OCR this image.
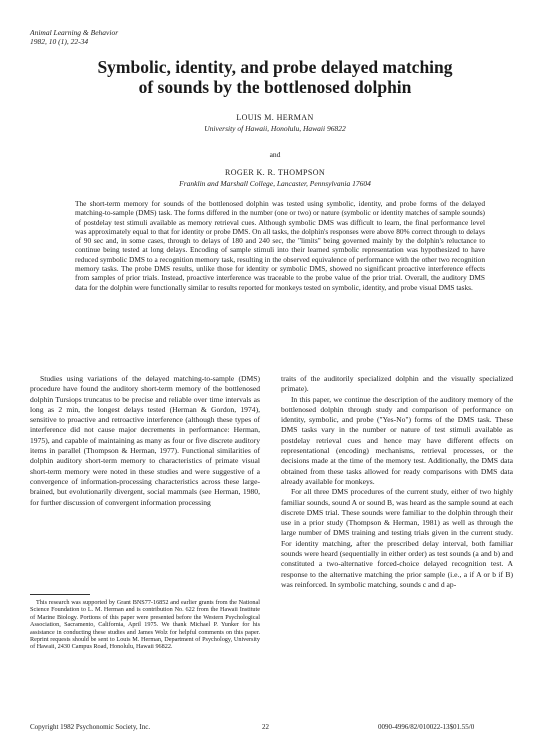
Animal Learning & Behavior
1982, 10 (1), 22-34
Symbolic, identity, and probe delayed matching
of sounds by the bottlenosed dolphin
LOUIS M. HERMAN
University of Hawaii, Honolulu, Hawaii 96822
and
ROGER K. R. THOMPSON
Franklin and Marshall College, Lancaster, Pennsylvania 17604
The short-term memory for sounds of the bottlenosed dolphin was tested using symbolic, identity, and probe forms of the delayed matching-to-sample (DMS) task. The forms differed in the number (one or two) or nature (symbolic or identity matches of sample sounds) of postdelay test stimuli available as memory retrieval cues. Although symbolic DMS was difficult to learn, the final performance level was approximately equal to that for identity or probe DMS. On all tasks, the dolphin's responses were above 80% correct through to delays of 90 sec and, in some cases, through to delays of 180 and 240 sec, the "limits" being governed mainly by the dolphin's reluctance to continue being tested at long delays. Encoding of sample stimuli into their learned symbolic representation was hypothesized to have reduced symbolic DMS to a recognition memory task, resulting in the observed equivalence of performance with the other two recognition memory tasks. The probe DMS results, unlike those for identity or symbolic DMS, showed no significant proactive interference effects from samples of prior trials. Instead, proactive interference was traceable to the probe value of the prior trial. Overall, the auditory DMS data for the dolphin were functionally similar to results reported for monkeys tested on symbolic, identity, and probe visual DMS tasks.

Studies using variations of the delayed matching-to-sample (DMS) procedure have found the auditory short-term memory of the bottlenosed dolphin Tursiops truncatus to be precise and reliable over time intervals as long as 2 min, the longest delays tested (Herman & Gordon, 1974), sensitive to proactive and retroactive interference (although these types of interference did not cause major decrements in performance: Herman, 1975), and capable of maintaining as many as four or five discrete auditory items in parallel (Thompson & Herman, 1977). Functional similarities of dolphin auditory short-term memory to characteristics of primate visual short-term memory were noted in these studies and were suggestive of a convergence of information-processing characteristics across these large-brained, but evolutionarily divergent, social mammals (see Herman, 1980, for further discussion of convergent information processing

This research was supported by Grant BNS77-16852 and earlier grants from the National Science Foundation to L. M. Herman and is contribution No. 622 from the Hawaii Institute of Marine Biology. Portions of this paper were presented before the Western Psychological Association, Sacramento, California, April 1975. We thank Michael P. Yunker for his assistance in conducting these studies and James Wolz for helpful comments on this paper. Reprint requests should be sent to Louis M. Herman, Department of Psychology, University of Hawaii, 2430 Campus Road, Honolulu, Hawaii 96822.

traits of the auditorily specialized dolphin and the visually specialized primate).

In this paper, we continue the description of the auditory memory of the bottlenosed dolphin through study and comparison of performance on identity, symbolic, and probe ("Yes-No") forms of the DMS task. These DMS tasks vary in the number or nature of test stimuli available as postdelay retrieval cues and hence may have different effects on representational (encoding) mechanisms, retrieval processes, or the decisions made at the time of the memory test. Additionally, the DMS data obtained from these tasks allowed for ready comparisons with DMS data already available for monkeys.

For all three DMS procedures of the current study, either of two highly familiar sounds, sound A or sound B, was heard as the sample sound at each discrete DMS trial. These sounds were familiar to the dolphin through their use in a prior study (Thompson & Herman, 1981) as well as through the large number of DMS training and testing trials given in the current study. For identity matching, after the prescribed delay interval, both familiar sounds were heard (sequentially in either order) as test sounds (a and b) and constituted a two-alternative forced-choice delayed recognition test. A response to the alternative matching the prior sample (i.e., a if A or b if B) was reinforced. In symbolic matching, sounds c and d ap-

Copyright 1982 Psychonomic Society, Inc.	22	0090-4996/82/010022-13$01.55/0
